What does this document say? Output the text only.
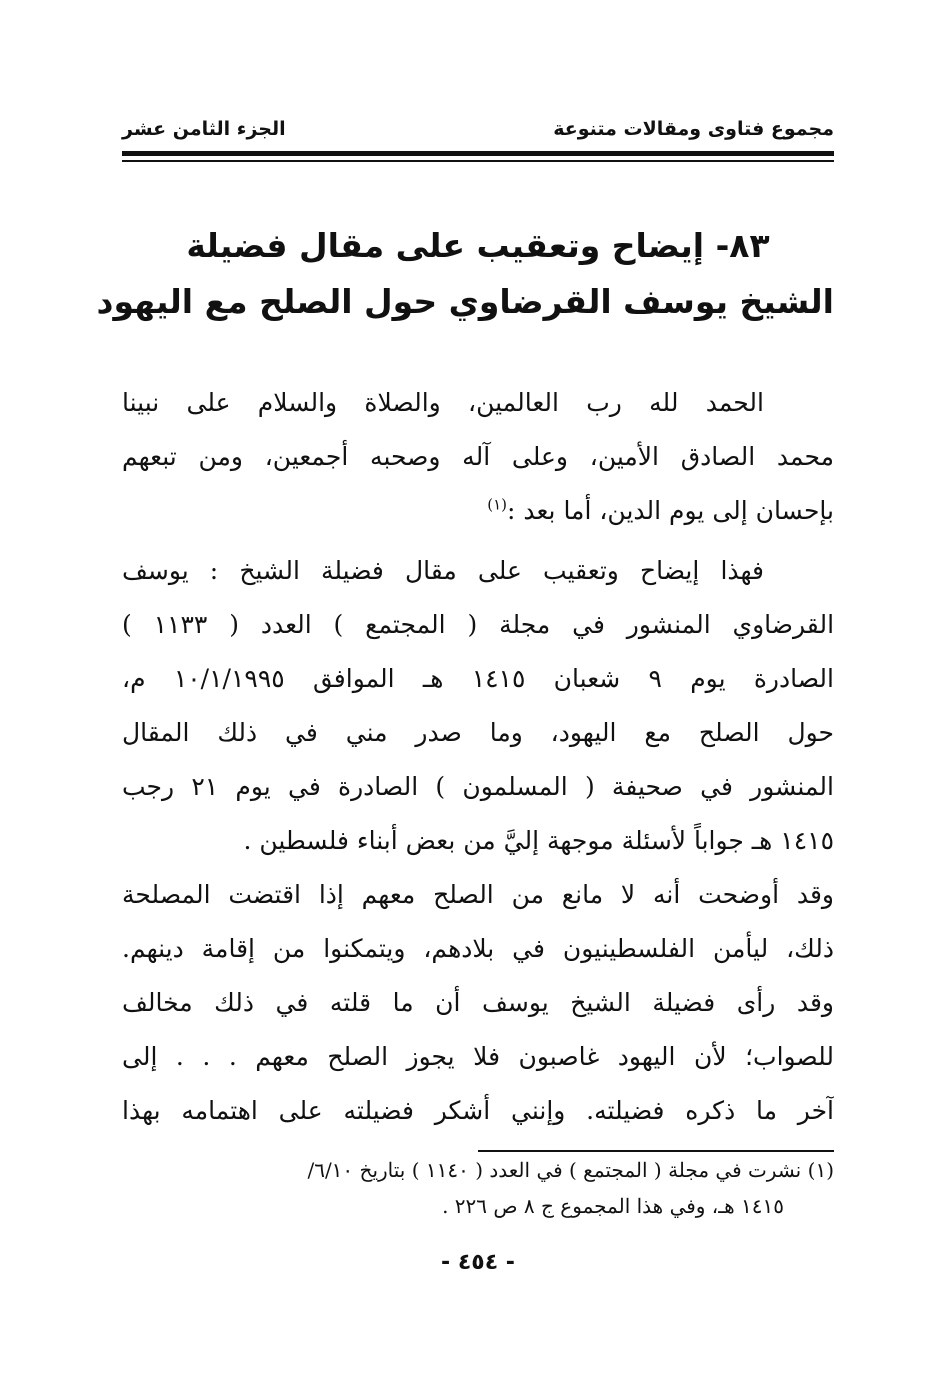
مجموع فتاوى ومقالات متنوعة
الجزء الثامن عشر
٨٣- إيضاح وتعقيب على مقال فضيلة
الشيخ يوسف القرضاوي حول الصلح مع اليهود
الحمد لله رب العالمين، والصلاة والسلام على نبينا
محمد الصادق الأمين، وعلى آله وصحبه أجمعين، ومن تبعهم
بإحسان إلى يوم الدين، أما بعد :$^{(١)}$
فهذا إيضاح وتعقيب على مقال فضيلة الشيخ : يوسف
القرضاوي المنشور في مجلة ( المجتمع ) العدد ( ١١٣٣ )
الصادرة يوم ٩ شعبان ١٤١٥ هـ الموافق ١٠/١/١٩٩٥ م،
حول الصلح مع اليهود، وما صدر مني في ذلك المقال
المنشور في صحيفة ( المسلمون ) الصادرة في يوم ٢١ رجب
١٤١٥ هـ جواباً لأسئلة موجهة إليَّ من بعض أبناء فلسطين .
وقد أوضحت أنه لا مانع من الصلح معهم إذا اقتضت المصلحة
ذلك، ليأمن الفلسطينيون في بلادهم، ويتمكنوا من إقامة دينهم.
وقد رأى فضيلة الشيخ يوسف أن ما قلته في ذلك مخالف
للصواب؛ لأن اليهود غاصبون فلا يجوز الصلح معهم . . . إلى
آخر ما ذكره فضيلته. وإنني أشكر فضيلته على اهتمامه بهذا
(١) نشرت في مجلة ( المجتمع ) في العدد ( ١١٤٠ ) بتاريخ ٦/١٠/
١٤١٥ هـ، وفي هذا المجموع ج ٨ ص ٢٢٦ .
- ٤٥٤ -
